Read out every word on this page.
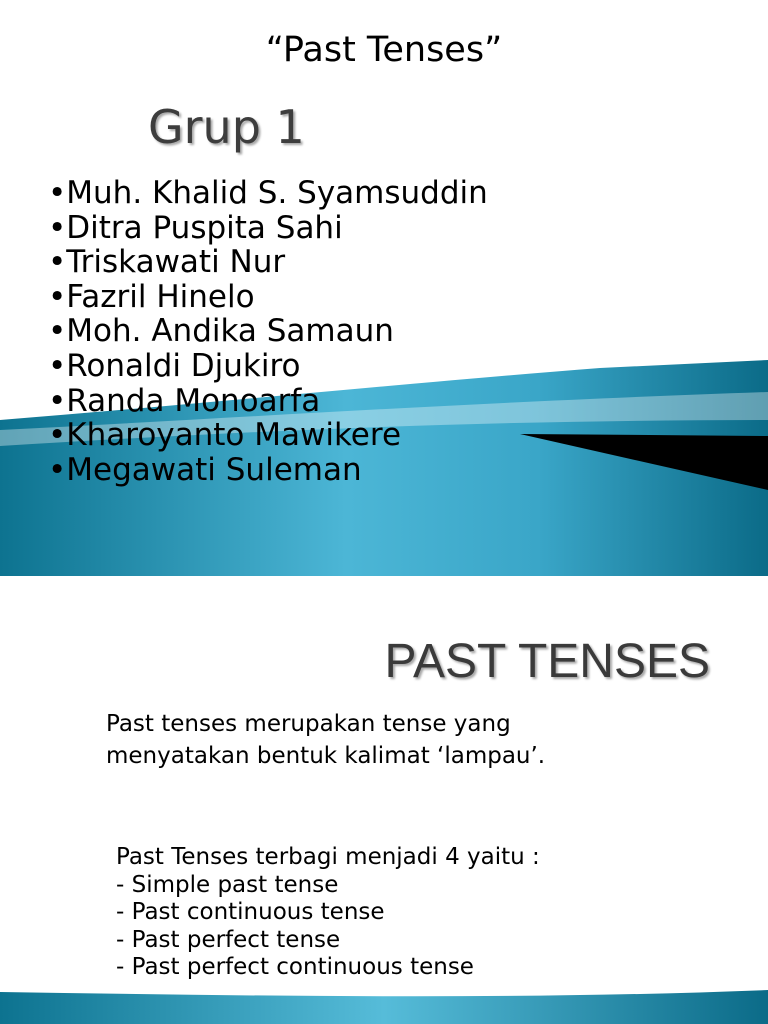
“Past Tenses”
Grup 1
•Muh. Khalid S. Syamsuddin
•Ditra Puspita Sahi
•Triskawati Nur
•Fazril Hinelo
•Moh. Andika Samaun
•Ronaldi Djukiro
•Randa Monoarfa
•Kharoyanto Mawikere
•Megawati Suleman
PAST TENSES

Past tenses merupakan tense yang menyatakan bentuk kalimat ‘lampau’.

Past Tenses terbagi menjadi 4 yaitu :
- Simple past tense
- Past continuous tense
- Past perfect tense
- Past perfect continuous tense
